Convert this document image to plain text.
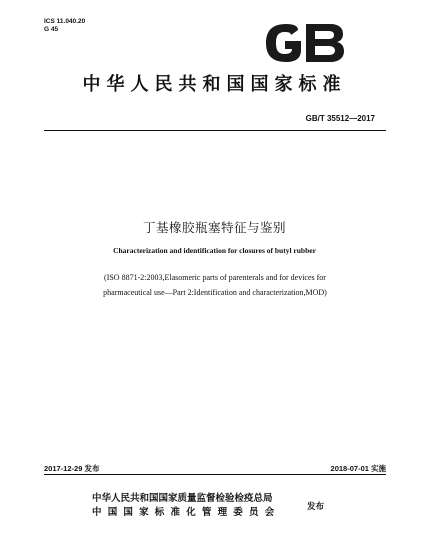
ICS 11.040.20
G 45
中华人民共和国国家标准
GB/T 35512—2017
丁基橡胶瓶塞特征与鉴别
Characterization and identification for closures of butyl rubber
(ISO 8871-2:2003,Elasomeric parts of parenterals and for devices for
pharmaceutical use—Part 2:Identification and characterization,MOD)
2017-12-29 发布	2018-07-01 实施
中华人民共和国国家质量监督检验检疫总局
中国国家标准化管理委员会	发布
